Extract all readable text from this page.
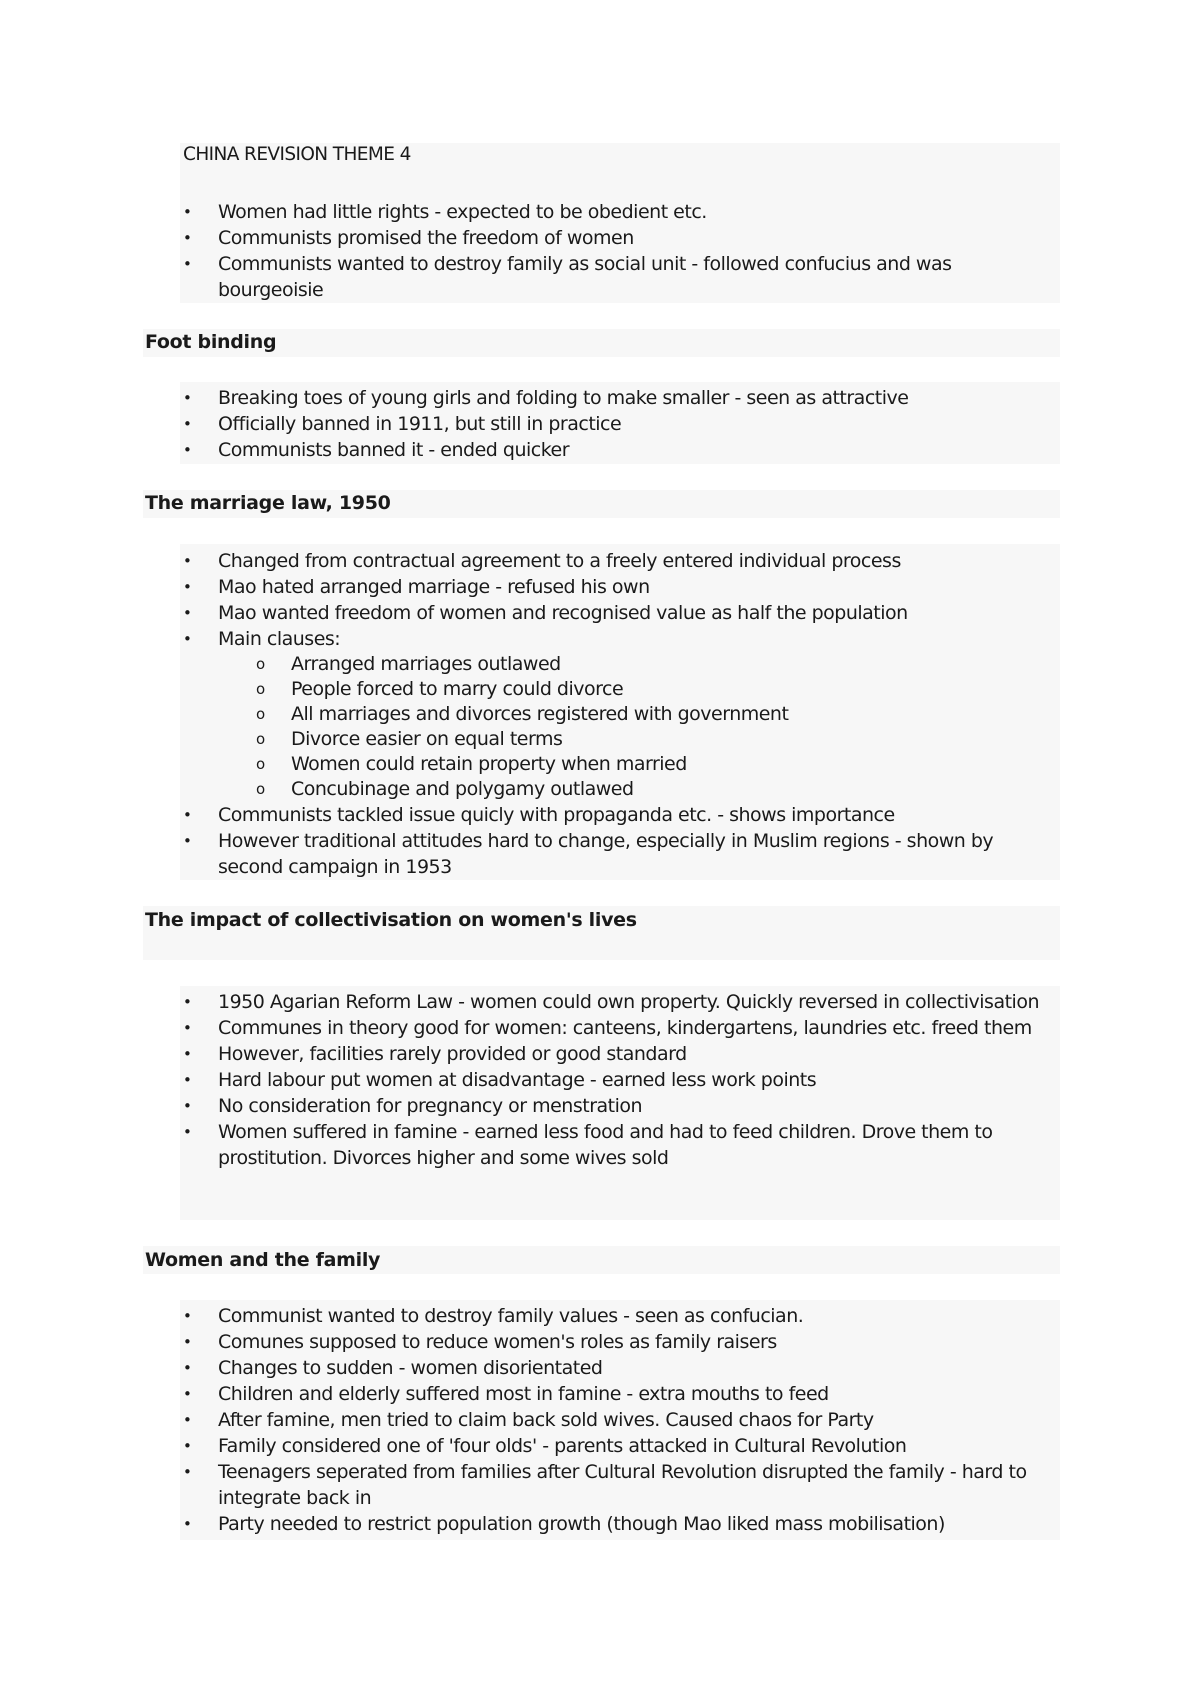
CHINA REVISION THEME 4
• Women had little rights - expected to be obedient etc.
• Communists promised the freedom of women
• Communists wanted to destroy family as social unit - followed confucius and was bourgeoisie
Foot binding
• Breaking toes of young girls and folding to make smaller - seen as attractive
• Officially banned in 1911, but still in practice
• Communists banned it - ended quicker
The marriage law, 1950
• Changed from contractual agreement to a freely entered individual process
• Mao hated arranged marriage - refused his own
• Mao wanted freedom of women and recognised value as half the population
• Main clauses:
o Arranged marriages outlawed
o People forced to marry could divorce
o All marriages and divorces registered with government
o Divorce easier on equal terms
o Women could retain property when married
o Concubinage and polygamy outlawed
• Communists tackled issue quicly with propaganda etc. - shows importance
• However traditional attitudes hard to change, especially in Muslim regions - shown by second campaign in 1953
The impact of collectivisation on women's lives
• 1950 Agarian Reform Law - women could own property. Quickly reversed in collectivisation
• Communes in theory good for women: canteens, kindergartens, laundries etc. freed them
• However, facilities rarely provided or good standard
• Hard labour put women at disadvantage - earned less work points
• No consideration for pregnancy or menstration
• Women suffered in famine - earned less food and had to feed children. Drove them to prostitution. Divorces higher and some wives sold
Women and the family
• Communist wanted to destroy family values - seen as confucian.
• Comunes supposed to reduce women's roles as family raisers
• Changes to sudden - women disorientated
• Children and elderly suffered most in famine - extra mouths to feed
• After famine, men tried to claim back sold wives. Caused chaos for Party
• Family considered one of 'four olds' - parents attacked in Cultural Revolution
• Teenagers seperated from families after Cultural Revolution disrupted the family - hard to integrate back in
• Party needed to restrict population growth (though Mao liked mass mobilisation)
